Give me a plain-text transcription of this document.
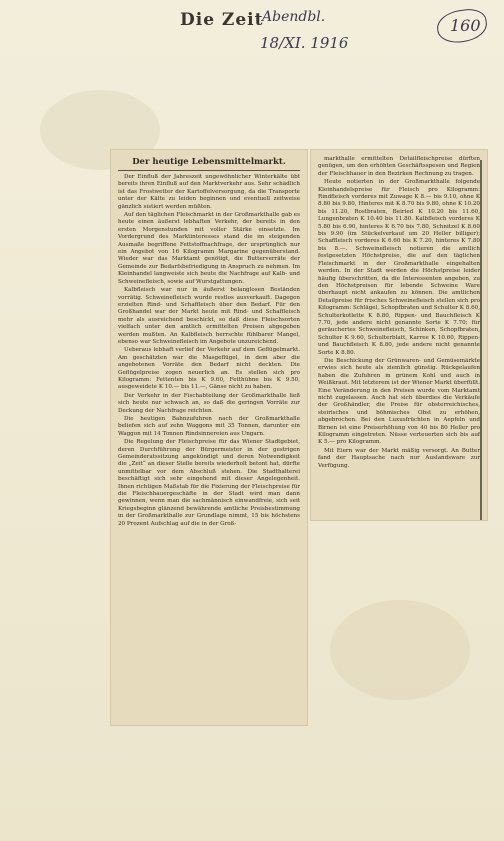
Die Zeit
Abendbl.
18/XI. 1916
160
Der heutige Lebensmittelmarkt.

Der Einfluß der Jahreszeit ungewöhnlicher Winterkälte übt bereits ihren Einfluß auf den Marktverkehr aus. Sehr schädlich ist das Frostwetter der Kartoffelversorgung, da die Transporte unter der Kälte zu leiden beginnen und eventuell zeitweise gänzlich sistiert werden müßten.

Auf den täglichen Fleischmarkt in der Großmarkthalle gab es heute einen äußerst lebhaften Verkehr, der bereits in den ersten Morgenstunden mit voller Stärke einsetzte. Im Vordergrund des Marktinteresses stand die im steigenden Ausmaße begriffene Fettstoffnachfrage, der ursprünglich nur ein Angebot von 16 Kilogramm Margarine gegenüberstand. Wieder war das Marktamt genötigt, die Butterverräte der Gemeinde zur Bedarfsbefriedigung in Anspruch zu nehmen. Im Kleinhandel langweiste sich heute die Nachfrage auf Kalb- und Schweinefleisch, sowie auf Wurstgattungen.

Kalbfleisch war nur in äußerst belanglosen Beständen vorrätig. Schweinefleisch wurde restlos ausverkauft. Dagegen erzielten Rind- und Schaffleisch über den Bedarf. Für den Großhandel war der Markt heute mit Rind- und Schaffleisch mehr als ausreichend beschickt, so daß diese Fleischsorten vielfach unter den amtlich ermittelten Preisen abgegeben werden mußten. An Kalbfleisch herrschte fühlbarer Mangel, ebenso war Schweinefleisch im Angebote unzureichend.

Ueberaus lebhaft verlief der Verkehr auf dem Geflügelmarkt. Am geschätzten war die Masgeflügel, in dem aber die angebotenen Vorräte den Bedarf nicht deckten. Die Geflügelpreise zogen neuerlich an. Es stellen sich pro Kilogramm: Fettenten bis K 9.60, Fetthühne bis K 9.50, ausgeweidete K 10.— bis 11.—, Gänse nicht zu haben.

Der Verkehr in der Fischabteilung der Großmarkthalle ließ sich heute nur schwach an, so daß die geringen Vorräte zur Deckung der Nachfrage reichten.

Die heutigen Bahnzufuhren nach der Großmarkthalle beliefen sich auf zehn Waggons mit 35 Tonnen, darunter ein Waggon mit 14 Tonnen Rindsinnereien aus Ungarn.

Die Regelung der Fleischpreise für das Wiener Stadtgebiet, deren Durchführung der Bürgermeister in der gestrigen Gemeinderatssitzung angekündigt und deren Notwendigkeit die „Zeit“ an dieser Stelle bereits wiederholt betont hat, dürfte unmittelbar vor dem Abschluß stehen. Die Stadthalterei beschäftigt sich sehr eingehend mit dieser Angelegenheit. Ihnen richtigen Maßstab für die Fixierung der Fleischpreise für die Fleischhauergeschäfte in der Stadt wird man dann gewinnen, wenn man die sachmännisch einwandfreie, sich seit Kriegsbeginn glänzend bewährende amtliche Preisbestimmung in der Großmarkthalle zur Grundlage nimmt, 15 bis höchstens 20 Prozent Aufschlag auf die in der Groß-

markthalle ermittelten Detailfleischpreise dürften genügen, um den erhöhten Geschäftsspesen und Regien der Fleischhauer in den Bezirken Rechnung zu tragen.

Heute notierten in der Großmarkthalle folgende Kleinhandelspreise für Fleisch pro Kilogramm: Rindfleisch vorderes mit Zuwage K 8.— bis 9.10, ohne K 8.80 bis 9.80, Hinteres mit K 8.70 bis 9.80, ohne K 10.20 bis 11.20, Rostbraten, Beiried K 10.20 bis 11.60, Lungenbraten K 10.40 bis 11.80. Kalbfleisch vorderes K 5.80 bis 6.90, hinteres K 6.70 bis 7.80, Schnitzel K 8.60 bis 9.90 (im Stückelverkauf um 20 Heller billiger); Schaffleisch vorderes K 6.60 bis K 7.20, hinteres K 7.80 bis 8.—. Schweinefleisch notieren die amtlich festgesetzten Höchstpreise, die auf den täglichen Fleischmarkt in der Großmarkthalle eingehalten werden. In der Stadt werden die Höchstpreise leider häufig überschritten, da die Interessenten angeben, zu den Höchstpreisen für lebende Schweine Ware überhaupt nicht ankaufen zu können. Die amtlichen Detailpreise für frisches Schweinefleisch stellen sich pro Kilogramm: Schlägel, Schopfbraten und Schulter K 8.60, Schulterkotlette K 8.80, Rippen- und Bauchfleisch K 7.70, jede andere nicht genannte Sorte K 7.70; für geräuchertes Schweinefleisch, Schinken, Schopfbraten, Schulter K 9.60, Schulterblatt, Karree K 10.60, Rippen- und Bauchfleisch K 8.80, jede andere nicht genannte Sorte K 8.80.

Die Beschickung der Grünwaren- und Gemüsemärkte erwies sich heute als ziemlich günstig. Rückgelaufen haben die Zufuhren in grünem Kohl und auch in Weißkraut. Mit letzterem ist der Wiener Markt überfüllt. Eine Veränderung in den Preisen wurde vom Marktamt nicht zugelassen. Auch hat sich überdies die Verkäufe der Großhändler, die Preise für obsterreichisches, steirisches und böhmisches Obst zu erhöhen, abgebrochen. Bei den Luxusfrüchten in Aepfeln und Birnen ist eine Preiserhöhung von 40 bis 80 Heller pro Kilogramm eingetreten. Nüsse verteuerten sich bis auf K 5.— pro Kilogramm.

Mit Eiern war der Markt mäßig versorgt. An Butter fand der Hauptsache nach nur Auslandsware zur Verfügung.
